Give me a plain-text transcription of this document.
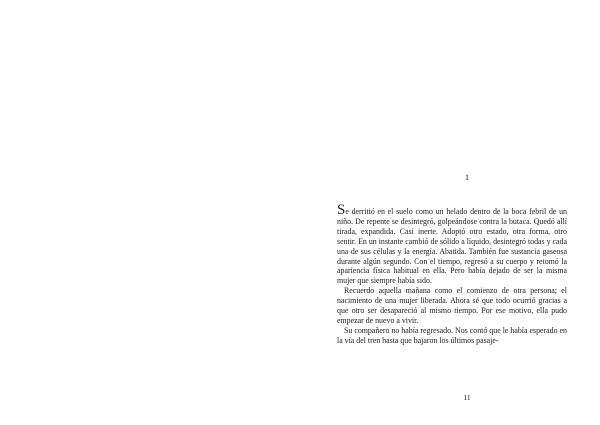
1

Se derritió en el suelo como un helado dentro de la boca febril de un niño. De repente se desintegró, golpeándose contra la butaca. Quedó allí tirada, expandida. Casi inerte. Adoptó otro estado, otra forma, otro sentir. En un instante cambió de sólido a líquido, desintegró todas y cada una de sus células y la energía. Abatida. También fue sustancia gaseosa durante algún segundo. Con el tiempo, regresó a su cuerpo y retomó la apariencia física habitual en ella. Pero había dejado de ser la misma mujer que siempre había sido.

Recuerdo aquella mañana como el comienzo de otra persona; el nacimiento de una mujer liberada. Ahora sé que todo ocurrió gracias a que otro ser desapareció al mismo tiempo. Por ese motivo, ella pudo empezar de nuevo a vivir.

Su compañero no había regresado. Nos contó que le había esperado en la vía del tren hasta que bajaron los últimos pasaje-

11
